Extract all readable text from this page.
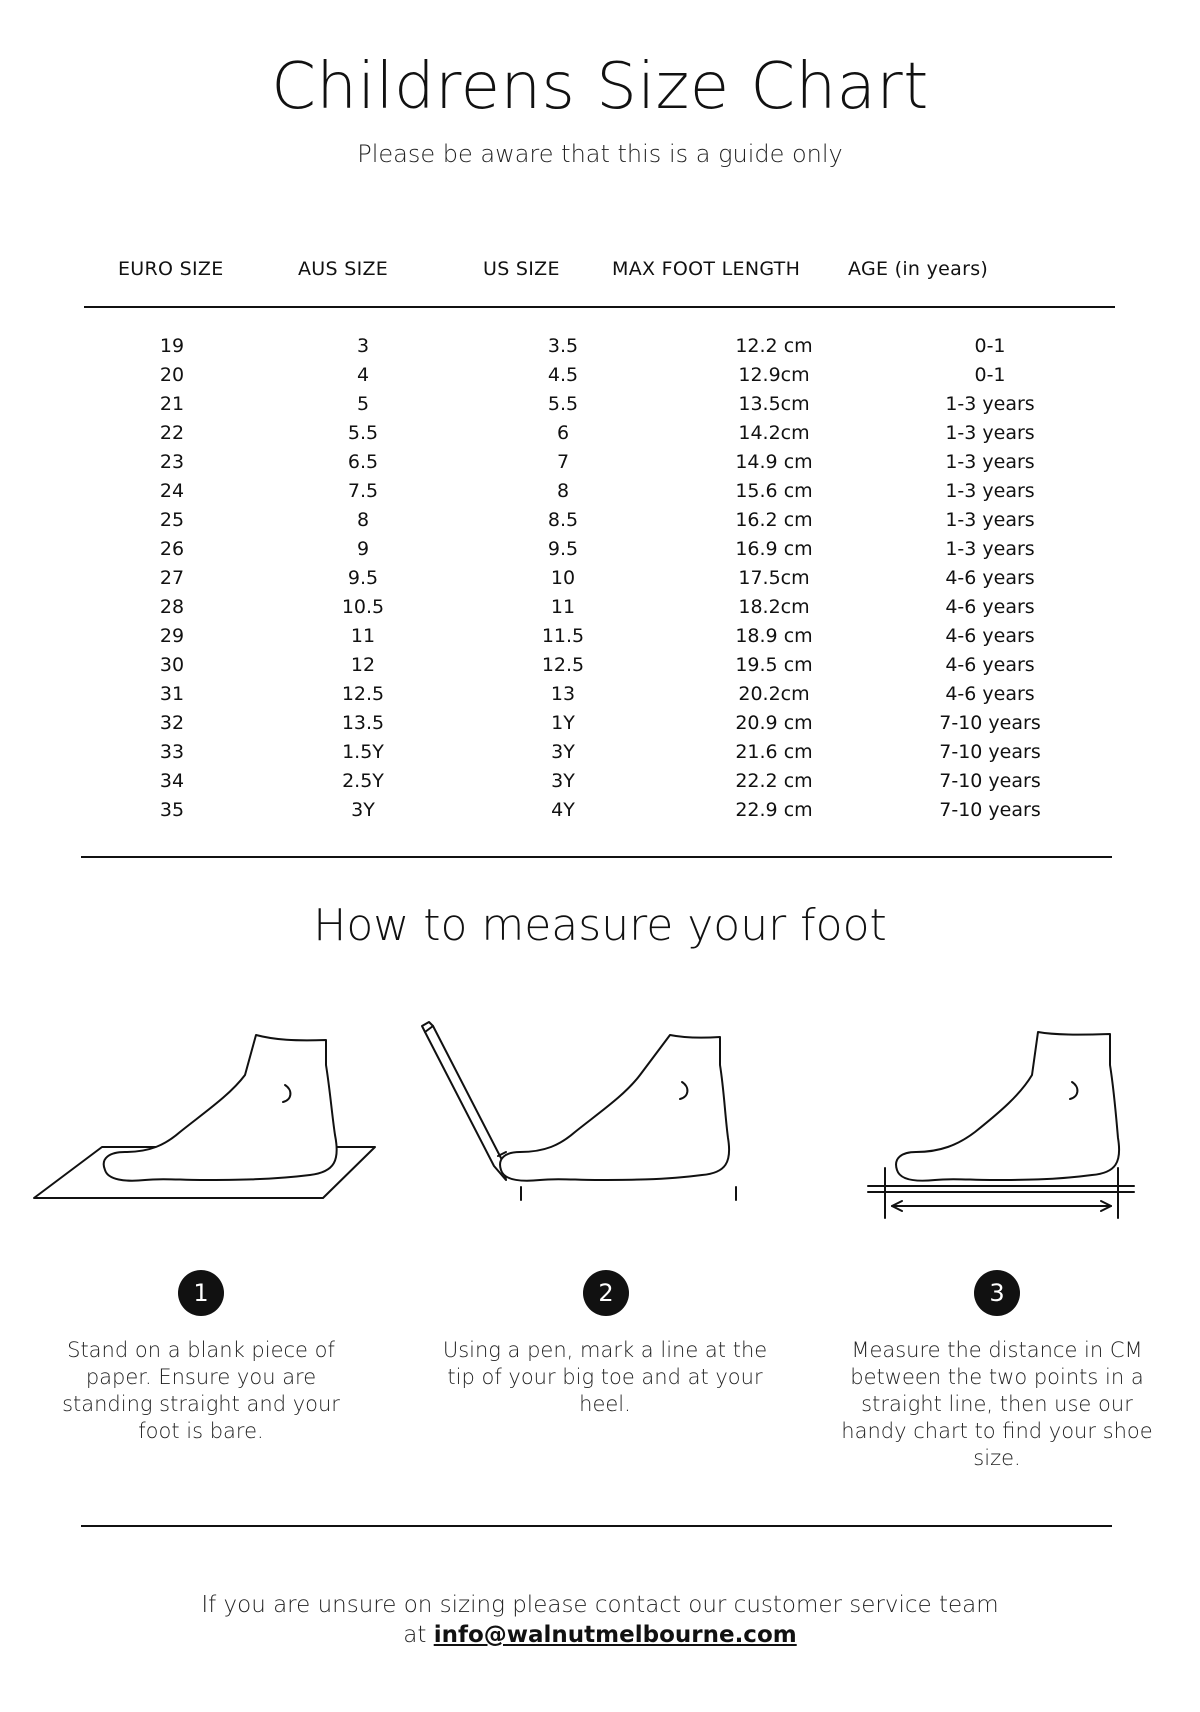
Childrens Size Chart
Please be aware that this is a guide only
EURO SIZE	AUS SIZE	US SIZE	MAX FOOT LENGTH	AGE (in years)
19	3	3.5	12.2 cm	0-1
20	4	4.5	12.9cm	0-1
21	5	5.5	13.5cm	1-3 years
22	5.5	6	14.2cm	1-3 years
23	6.5	7	14.9 cm	1-3 years
24	7.5	8	15.6 cm	1-3 years
25	8	8.5	16.2 cm	1-3 years
26	9	9.5	16.9 cm	1-3 years
27	9.5	10	17.5cm	4-6 years
28	10.5	11	18.2cm	4-6 years
29	11	11.5	18.9 cm	4-6 years
30	12	12.5	19.5 cm	4-6 years
31	12.5	13	20.2cm	4-6 years
32	13.5	1Y	20.9 cm	7-10 years
33	1.5Y	3Y	21.6 cm	7-10 years
34	2.5Y	3Y	22.2 cm	7-10 years
35	3Y	4Y	22.9 cm	7-10 years
How to measure your foot
1	2	3
Stand on a blank piece of paper. Ensure you are standing straight and your foot is bare.
Using a pen, mark a line at the tip of your big toe and at your heel.
Measure the distance in CM between the two points in a straight line, then use our handy chart to find your shoe size.
If you are unsure on sizing please contact our customer service team
at info@walnutmelbourne.com
